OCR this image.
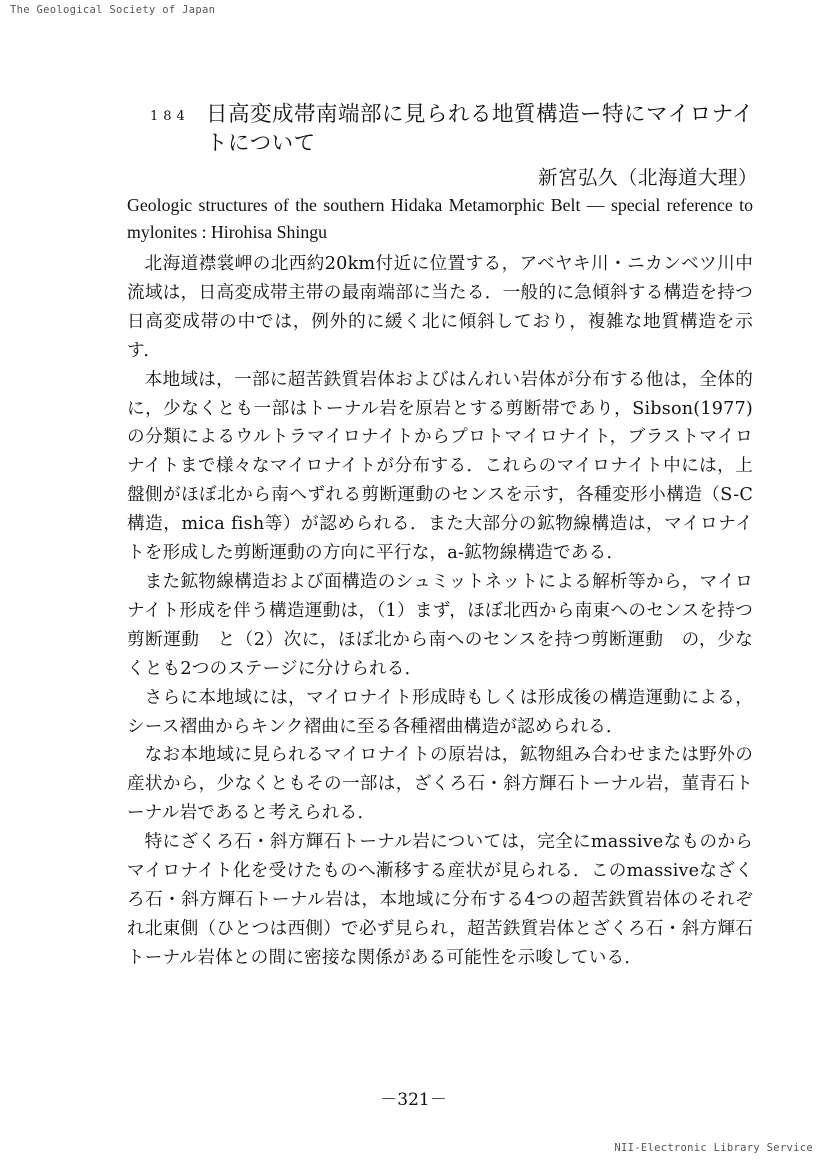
The Geological Society of Japan
184 日高変成帯南端部に見られる地質構造ー特にマイロナイトについて
新宮弘久（北海道大理）
Geologic structures of the southern Hidaka Metamorphic Belt — special reference to mylonites : Hirohisa Shingu

北海道襟裳岬の北西約20km付近に位置する，アベヤキ川・ニカンベツ川中流域は，日高変成帯主帯の最南端部に当たる．一般的に急傾斜する構造を持つ日高変成帯の中では，例外的に緩く北に傾斜しており，複雑な地質構造を示す．

本地域は，一部に超苦鉄質岩体およびはんれい岩体が分布する他は，全体的に，少なくとも一部はトーナル岩を原岩とする剪断帯であり，Sibson(1977)の分類によるウルトラマイロナイトからプロトマイロナイト，ブラストマイロナイトまで様々なマイロナイトが分布する．これらのマイロナイト中には，上盤側がほぼ北から南へずれる剪断運動のセンスを示す，各種変形小構造（S-C構造，mica fish等）が認められる．また大部分の鉱物線構造は，マイロナイトを形成した剪断運動の方向に平行な，a-鉱物線構造である．

また鉱物線構造および面構造のシュミットネットによる解析等から，マイロナイト形成を伴う構造運動は，（1）まず，ほぼ北西から南東へのセンスを持つ剪断運動　と（2）次に，ほぼ北から南へのセンスを持つ剪断運動　の，少なくとも2つのステージに分けられる．

さらに本地域には，マイロナイト形成時もしくは形成後の構造運動による，シース褶曲からキンク褶曲に至る各種褶曲構造が認められる．

なお本地域に見られるマイロナイトの原岩は，鉱物組み合わせまたは野外の産状から，少なくともその一部は，ざくろ石・斜方輝石トーナル岩，菫青石トーナル岩であると考えられる．

特にざくろ石・斜方輝石トーナル岩については，完全にmassiveなものからマイロナイト化を受けたものへ漸移する産状が見られる．このmassiveなざくろ石・斜方輝石トーナル岩は，本地域に分布する4つの超苦鉄質岩体のそれぞれ北東側（ひとつは西側）で必ず見られ，超苦鉄質岩体とざくろ石・斜方輝石トーナル岩体との間に密接な関係がある可能性を示唆している．

－321－
NII-Electronic Library Service
